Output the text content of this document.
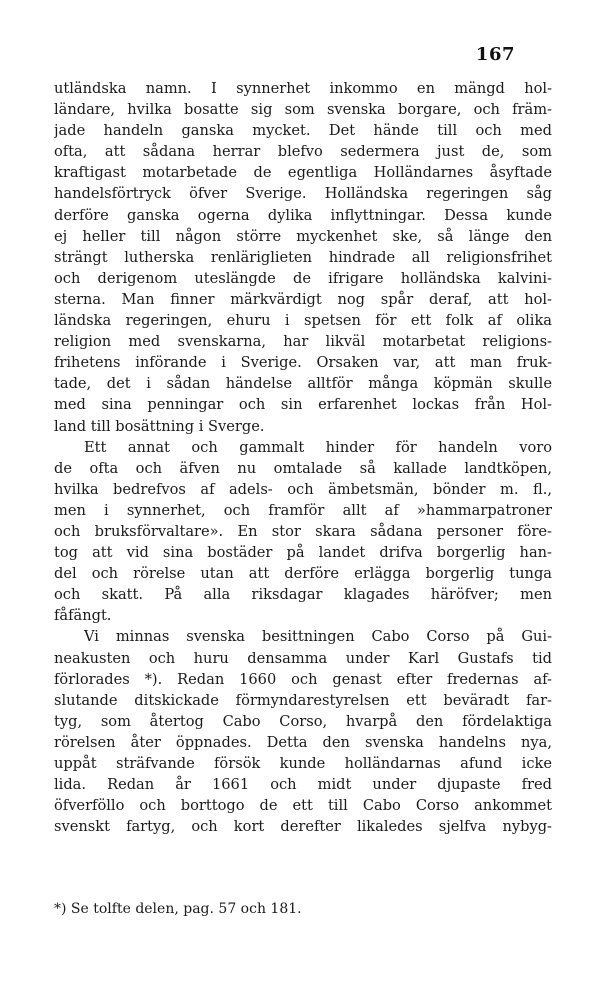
167
utländska namn. I synnerhet inkommo en mängd hol-
ländare, hvilka bosatte sig som svenska borgare, och främ-
jade handeln ganska mycket. Det hände till och med
ofta, att sådana herrar blefvo sedermera just de, som
kraftigast motarbetade de egentliga Holländarnes åsyftade
handelsförtryck öfver Sverige. Holländska regeringen såg
derföre ganska ogerna dylika inflyttningar. Dessa kunde
ej heller till någon större myckenhet ske, så länge den
strängt lutherska renläriglieten hindrade all religionsfrihet
och derigenom uteslängde de ifrigare holländska kalvini-
sterna. Man finner märkvärdigt nog spår deraf, att hol-
ländska regeringen, ehuru i spetsen för ett folk af olika
religion med svenskarna, har likväl motarbetat religions-
frihetens införande i Sverige. Orsaken var, att man fruk-
tade, det i sådan händelse alltför många köpmän skulle
med sina penningar och sin erfarenhet lockas från Hol-
land till bosättning i Sverge.
Ett annat och gammalt hinder för handeln voro
de ofta och äfven nu omtalade så kallade landtköpen,
hvilka bedrefvos af adels- och ämbetsmän, bönder m. fl.,
men i synnerhet, och framför allt af »hammarpatroner
och bruksförvaltare». En stor skara sådana personer före-
tog att vid sina bostäder på landet drifva borgerlig han-
del och rörelse utan att derföre erlägga borgerlig tunga
och skatt. På alla riksdagar klagades häröfver; men
fåfängt.
Vi minnas svenska besittningen Cabo Corso på Gui-
neakusten och huru densamma under Karl Gustafs tid
förlorades *). Redan 1660 och genast efter fredernas af-
slutande ditskickade förmyndarestyrelsen ett beväradt far-
tyg, som återtog Cabo Corso, hvarpå den fördelaktiga
rörelsen åter öppnades. Detta den svenska handelns nya,
uppåt sträfvande försök kunde holländarnas afund icke
lida. Redan år 1661 och midt under djupaste fred
öfverföllo och borttogo de ett till Cabo Corso ankommet
svenskt fartyg, och kort derefter likaledes sjelfva nybyg-
*) Se tolfte delen, pag. 57 och 181.
